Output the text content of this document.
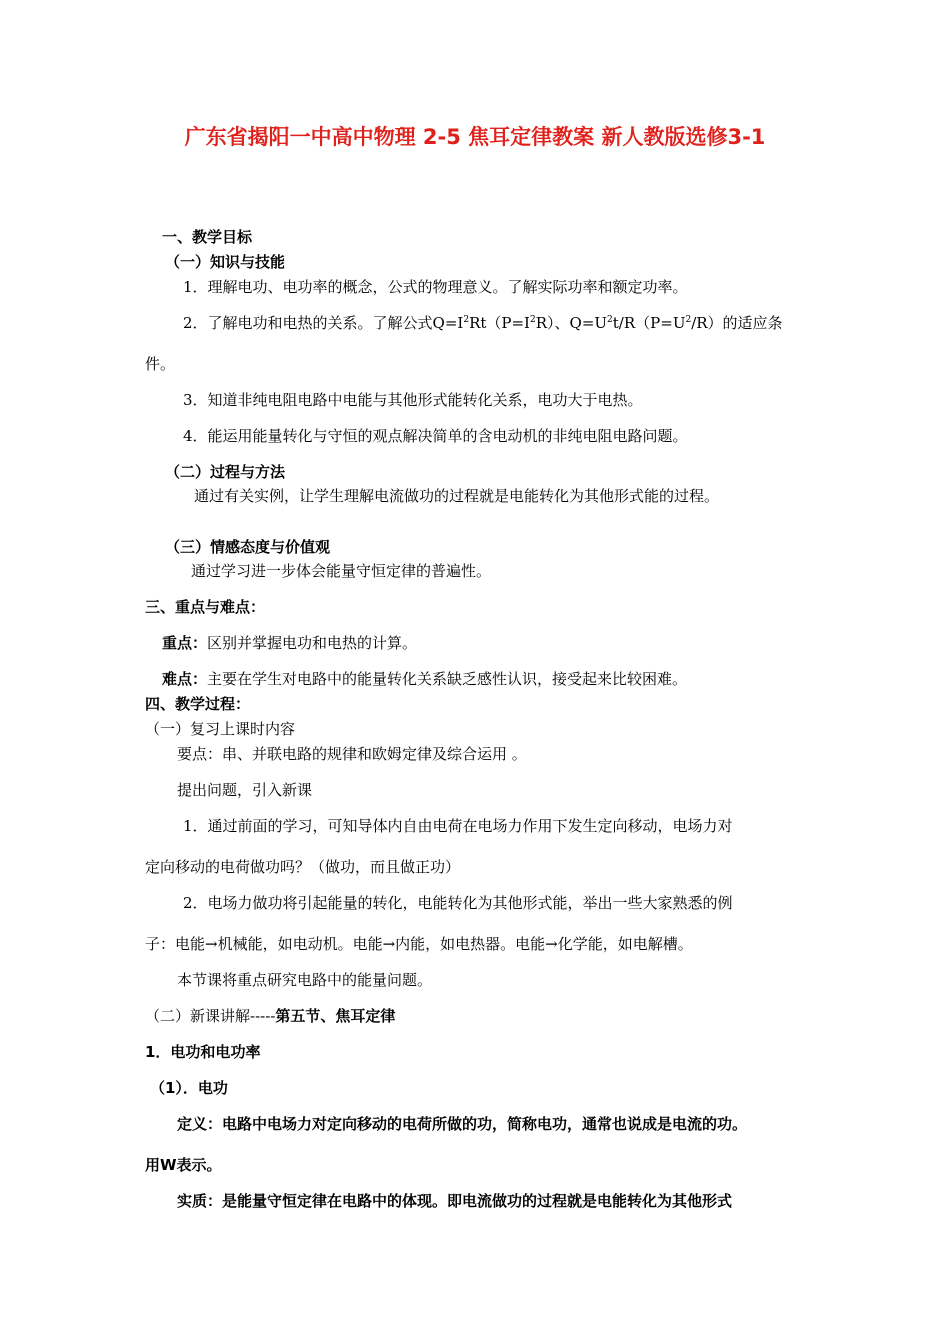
广东省揭阳一中高中物理 2-5 焦耳定律教案 新人教版选修3-1
一、教学目标
（一）知识与技能
1．理解电功、电功率的概念，公式的物理意义。了解实际功率和额定功率。
2．了解电功和电热的关系。了解公式$Q=I^2Rt(P=I^2R)$、$Q=U^2t/R(P=U^2/R)$的适应条
件。
3．知道非纯电阻电路中电能与其他形式能转化关系，电功大于电热。
4．能运用能量转化与守恒的观点解决简单的含电动机的非纯电阻电路问题。
（二）过程与方法
通过有关实例，让学生理解电流做功的过程就是电能转化为其他形式能的过程。
（三）情感态度与价值观
通过学习进一步体会能量守恒定律的普遍性。
三、重点与难点：
重点：区别并掌握电功和电热的计算。
难点：主要在学生对电路中的能量转化关系缺乏感性认识，接受起来比较困难。
四、教学过程：
（一）复习上课时内容
要点：串、并联电路的规律和欧姆定律及综合运用 。
提出问题，引入新课
1．通过前面的学习，可知导体内自由电荷在电场力作用下发生定向移动，电场力对
定向移动的电荷做功吗？（做功，而且做正功）
2．电场力做功将引起能量的转化，电能转化为其他形式能，举出一些大家熟悉的例
子：电能→机械能，如电动机。电能→内能，如电热器。电能→化学能，如电解槽。
本节课将重点研究电路中的能量问题。
（二）新课讲解-----第五节、焦耳定律
1．电功和电功率
（1）．电功
定义：电路中电场力对定向移动的电荷所做的功，简称电功，通常也说成是电流的功。
用W表示。
实质：是能量守恒定律在电路中的体现。即电流做功的过程就是电能转化为其他形式
